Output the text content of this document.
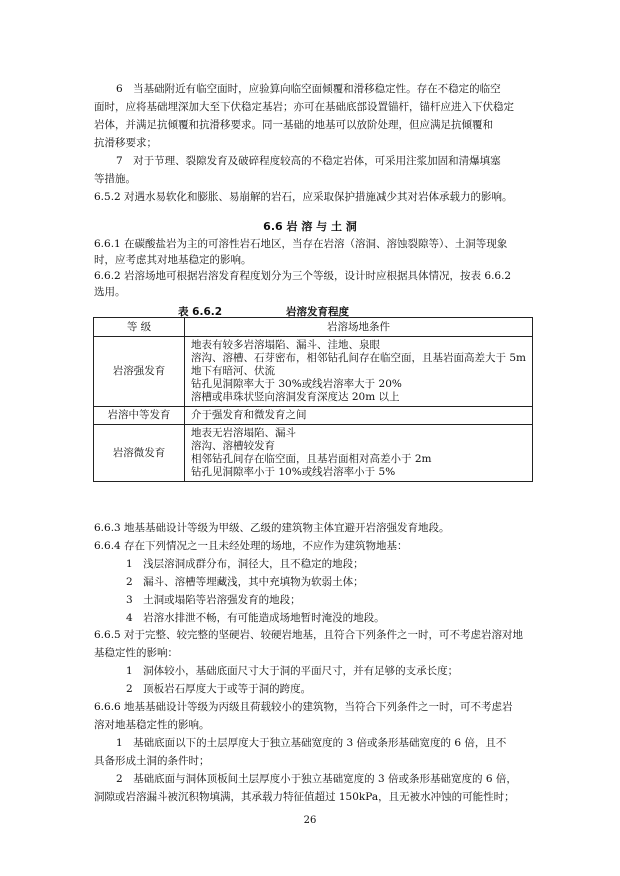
6　当基础附近有临空面时，应验算向临空面倾覆和滑移稳定性。存在不稳定的临空
面时，应将基础埋深加大至下伏稳定基岩；亦可在基础底部设置锚杆，锚杆应进入下伏稳定
岩体，并满足抗倾覆和抗滑移要求。同一基础的地基可以放阶处理，但应满足抗倾覆和
抗滑移要求；
7　对于节理、裂隙发育及破碎程度较高的不稳定岩体，可采用注浆加固和清爆填塞
等措施。
6.5.2 对遇水易软化和膨胀、易崩解的岩石，应采取保护措施减少其对岩体承载力的影响。
6.6 岩 溶 与 土 洞
6.6.1 在碳酸盐岩为主的可溶性岩石地区，当存在岩溶（溶洞、溶蚀裂隙等）、土洞等现象
时，应考虑其对地基稳定的影响。
6.6.2 岩溶场地可根据岩溶发育程度划分为三个等级，设计时应根据具体情况，按表 6.6.2
选用。
表 6.6.2	岩溶发育程度
等 级	岩溶场地条件
岩溶强发育	地表有较多岩溶塌陷、漏斗、洼地、泉眼
溶沟、溶槽、石芽密布，相邻钻孔间存在临空面，且基岩面高差大于 5m
地下有暗河、伏流
钻孔见洞隙率大于 30%或线岩溶率大于 20%
溶槽或串珠状竖向溶洞发育深度达 20m 以上

岩溶中等发育	介于强发育和微发育之间

岩溶微发育	地表无岩溶塌陷、漏斗
溶沟、溶槽较发育
相邻钻孔间存在临空面，且基岩面相对高差小于 2m
钻孔见洞隙率小于 10%或线岩溶率小于 5%
6.6.3 地基基础设计等级为甲级、乙级的建筑物主体宜避开岩溶强发育地段。
6.6.4 存在下列情况之一且未经处理的场地，不应作为建筑物地基：
1　浅层溶洞成群分布，洞径大，且不稳定的地段；
2　漏斗、溶槽等埋藏浅，其中充填物为软弱土体；
3　土洞或塌陷等岩溶强发育的地段；
4　岩溶水排泄不畅，有可能造成场地暂时淹没的地段。
6.6.5 对于完整、较完整的坚硬岩、较硬岩地基，且符合下列条件之一时，可不考虑岩溶对地
基稳定性的影响：
1　洞体较小，基础底面尺寸大于洞的平面尺寸，并有足够的支承长度；
2　顶板岩石厚度大于或等于洞的跨度。
6.6.6 地基基础设计等级为丙级且荷载较小的建筑物，当符合下列条件之一时，可不考虑岩
溶对地基稳定性的影响。
1　基础底面以下的土层厚度大于独立基础宽度的 3 倍或条形基础宽度的 6 倍，且不
具备形成土洞的条件时；
2　基础底面与洞体顶板间土层厚度小于独立基础宽度的 3 倍或条形基础宽度的 6 倍，
洞隙或岩溶漏斗被沉积物填满，其承载力特征值超过 150kPa，且无被水冲蚀的可能性时；
26
